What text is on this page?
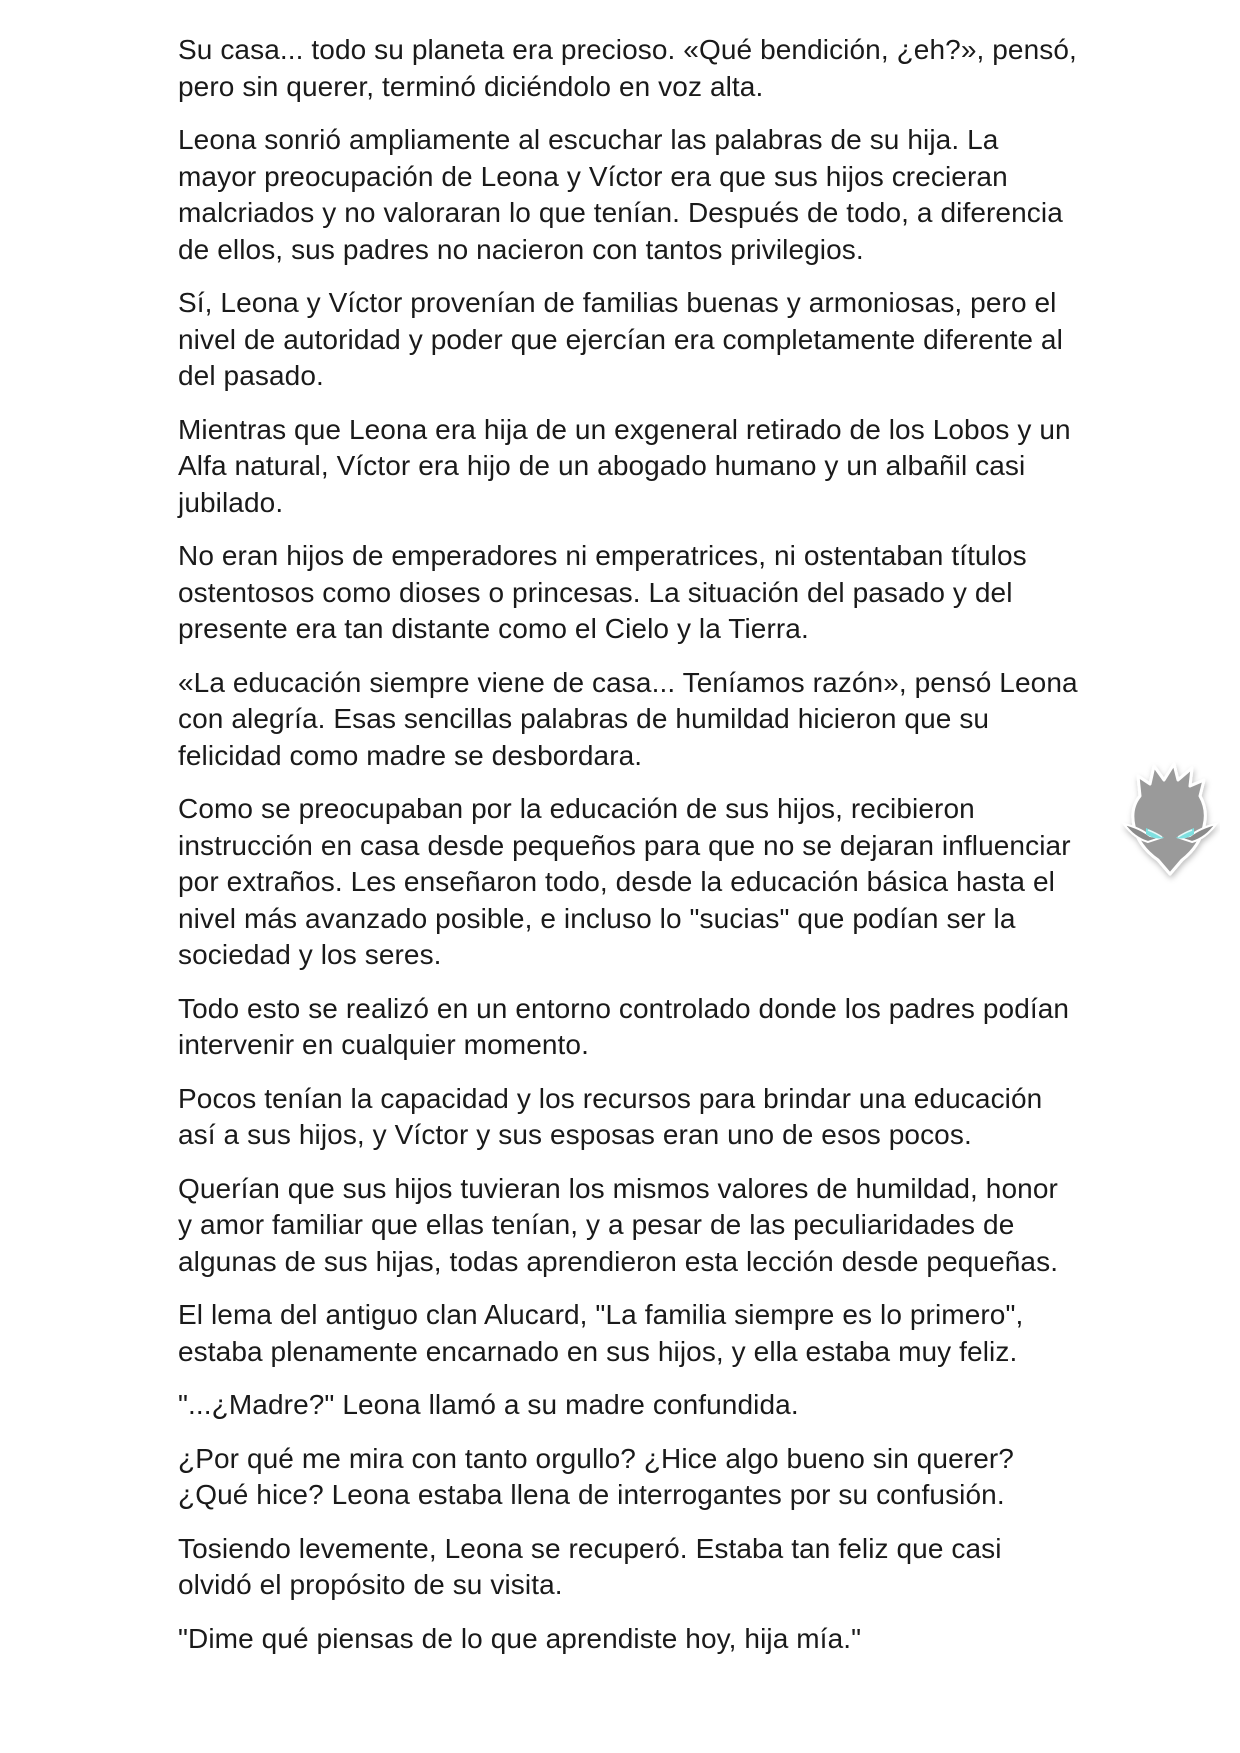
Su casa... todo su planeta era precioso. «Qué bendición, ¿eh?», pensó, pero sin querer, terminó diciéndolo en voz alta.

Leona sonrió ampliamente al escuchar las palabras de su hija. La mayor preocupación de Leona y Víctor era que sus hijos crecieran malcriados y no valoraran lo que tenían. Después de todo, a diferencia de ellos, sus padres no nacieron con tantos privilegios.

Sí, Leona y Víctor provenían de familias buenas y armoniosas, pero el nivel de autoridad y poder que ejercían era completamente diferente al del pasado.

Mientras que Leona era hija de un exgeneral retirado de los Lobos y un Alfa natural, Víctor era hijo de un abogado humano y un albañil casi jubilado.

No eran hijos de emperadores ni emperatrices, ni ostentaban títulos ostentosos como dioses o princesas. La situación del pasado y del presente era tan distante como el Cielo y la Tierra.

«La educación siempre viene de casa... Teníamos razón», pensó Leona con alegría. Esas sencillas palabras de humildad hicieron que su felicidad como madre se desbordara.

Como se preocupaban por la educación de sus hijos, recibieron instrucción en casa desde pequeños para que no se dejaran influenciar por extraños. Les enseñaron todo, desde la educación básica hasta el nivel más avanzado posible, e incluso lo "sucias" que podían ser la sociedad y los seres.

Todo esto se realizó en un entorno controlado donde los padres podían intervenir en cualquier momento.

Pocos tenían la capacidad y los recursos para brindar una educación así a sus hijos, y Víctor y sus esposas eran uno de esos pocos.

Querían que sus hijos tuvieran los mismos valores de humildad, honor y amor familiar que ellas tenían, y a pesar de las peculiaridades de algunas de sus hijas, todas aprendieron esta lección desde pequeñas.

El lema del antiguo clan Alucard, "La familia siempre es lo primero", estaba plenamente encarnado en sus hijos, y ella estaba muy feliz.

"...¿Madre?" Leona llamó a su madre confundida.

¿Por qué me mira con tanto orgullo? ¿Hice algo bueno sin querer? ¿Qué hice? Leona estaba llena de interrogantes por su confusión.

Tosiendo levemente, Leona se recuperó. Estaba tan feliz que casi olvidó el propósito de su visita.

"Dime qué piensas de lo que aprendiste hoy, hija mía."
